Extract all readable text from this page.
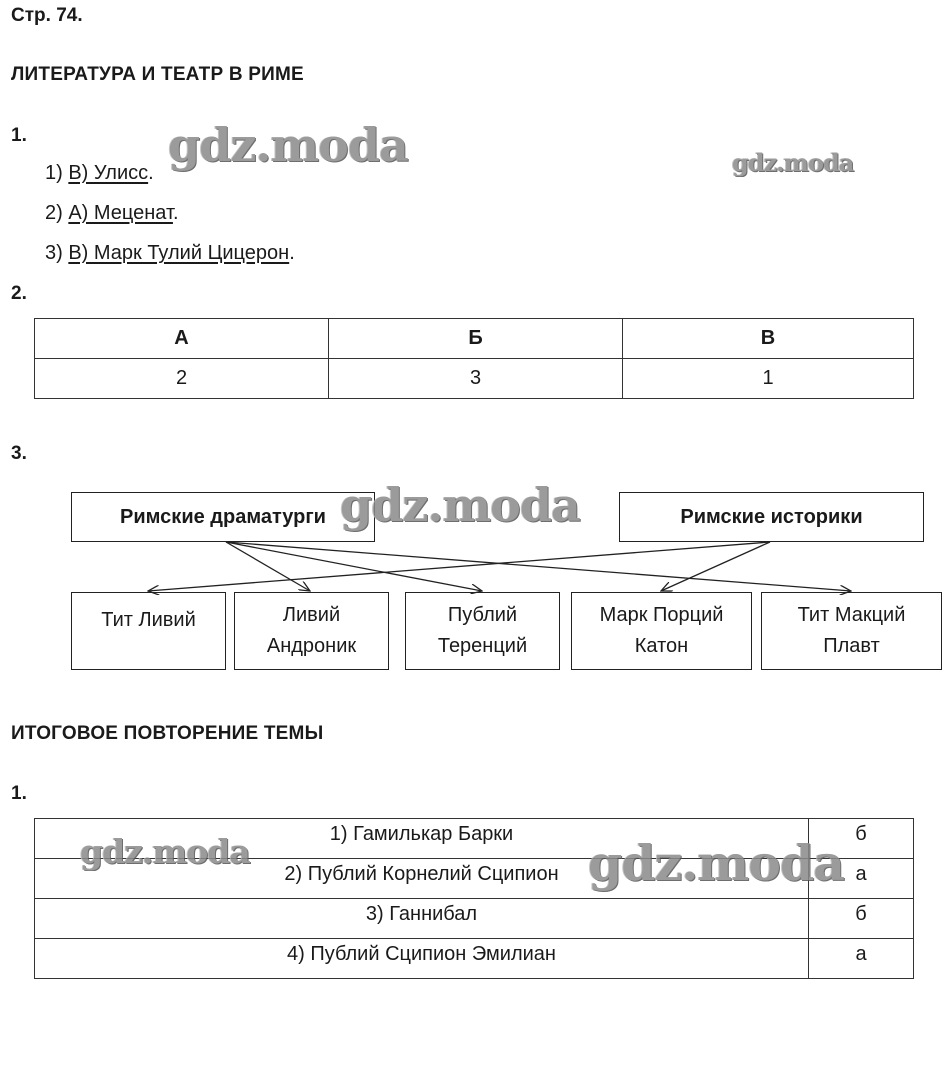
Стр. 74.
ЛИТЕРАТУРА И ТЕАТР В РИМЕ
1.
1) В) Улисс.
2) А) Меценат.
3) В) Марк Тулий Цицерон.
2.
А	Б	В
2	3	1
3.
Римские драматурги	Римские историки
Тит Ливий	Ливий
Андроник
Публий
Теренций
Марк Порций
Катон
Тит Макций
Плавт
ИТОГОВОЕ ПОВТОРЕНИЕ ТЕМЫ
1.
1) Гамилькар Барки	б
2) Публий Корнелий Сципион	а
3) Ганнибал	б
4) Публий Сципион Эмилиан	а
gdz.moda	gdz.moda
gdz.moda
gdz.moda	gdz.moda
